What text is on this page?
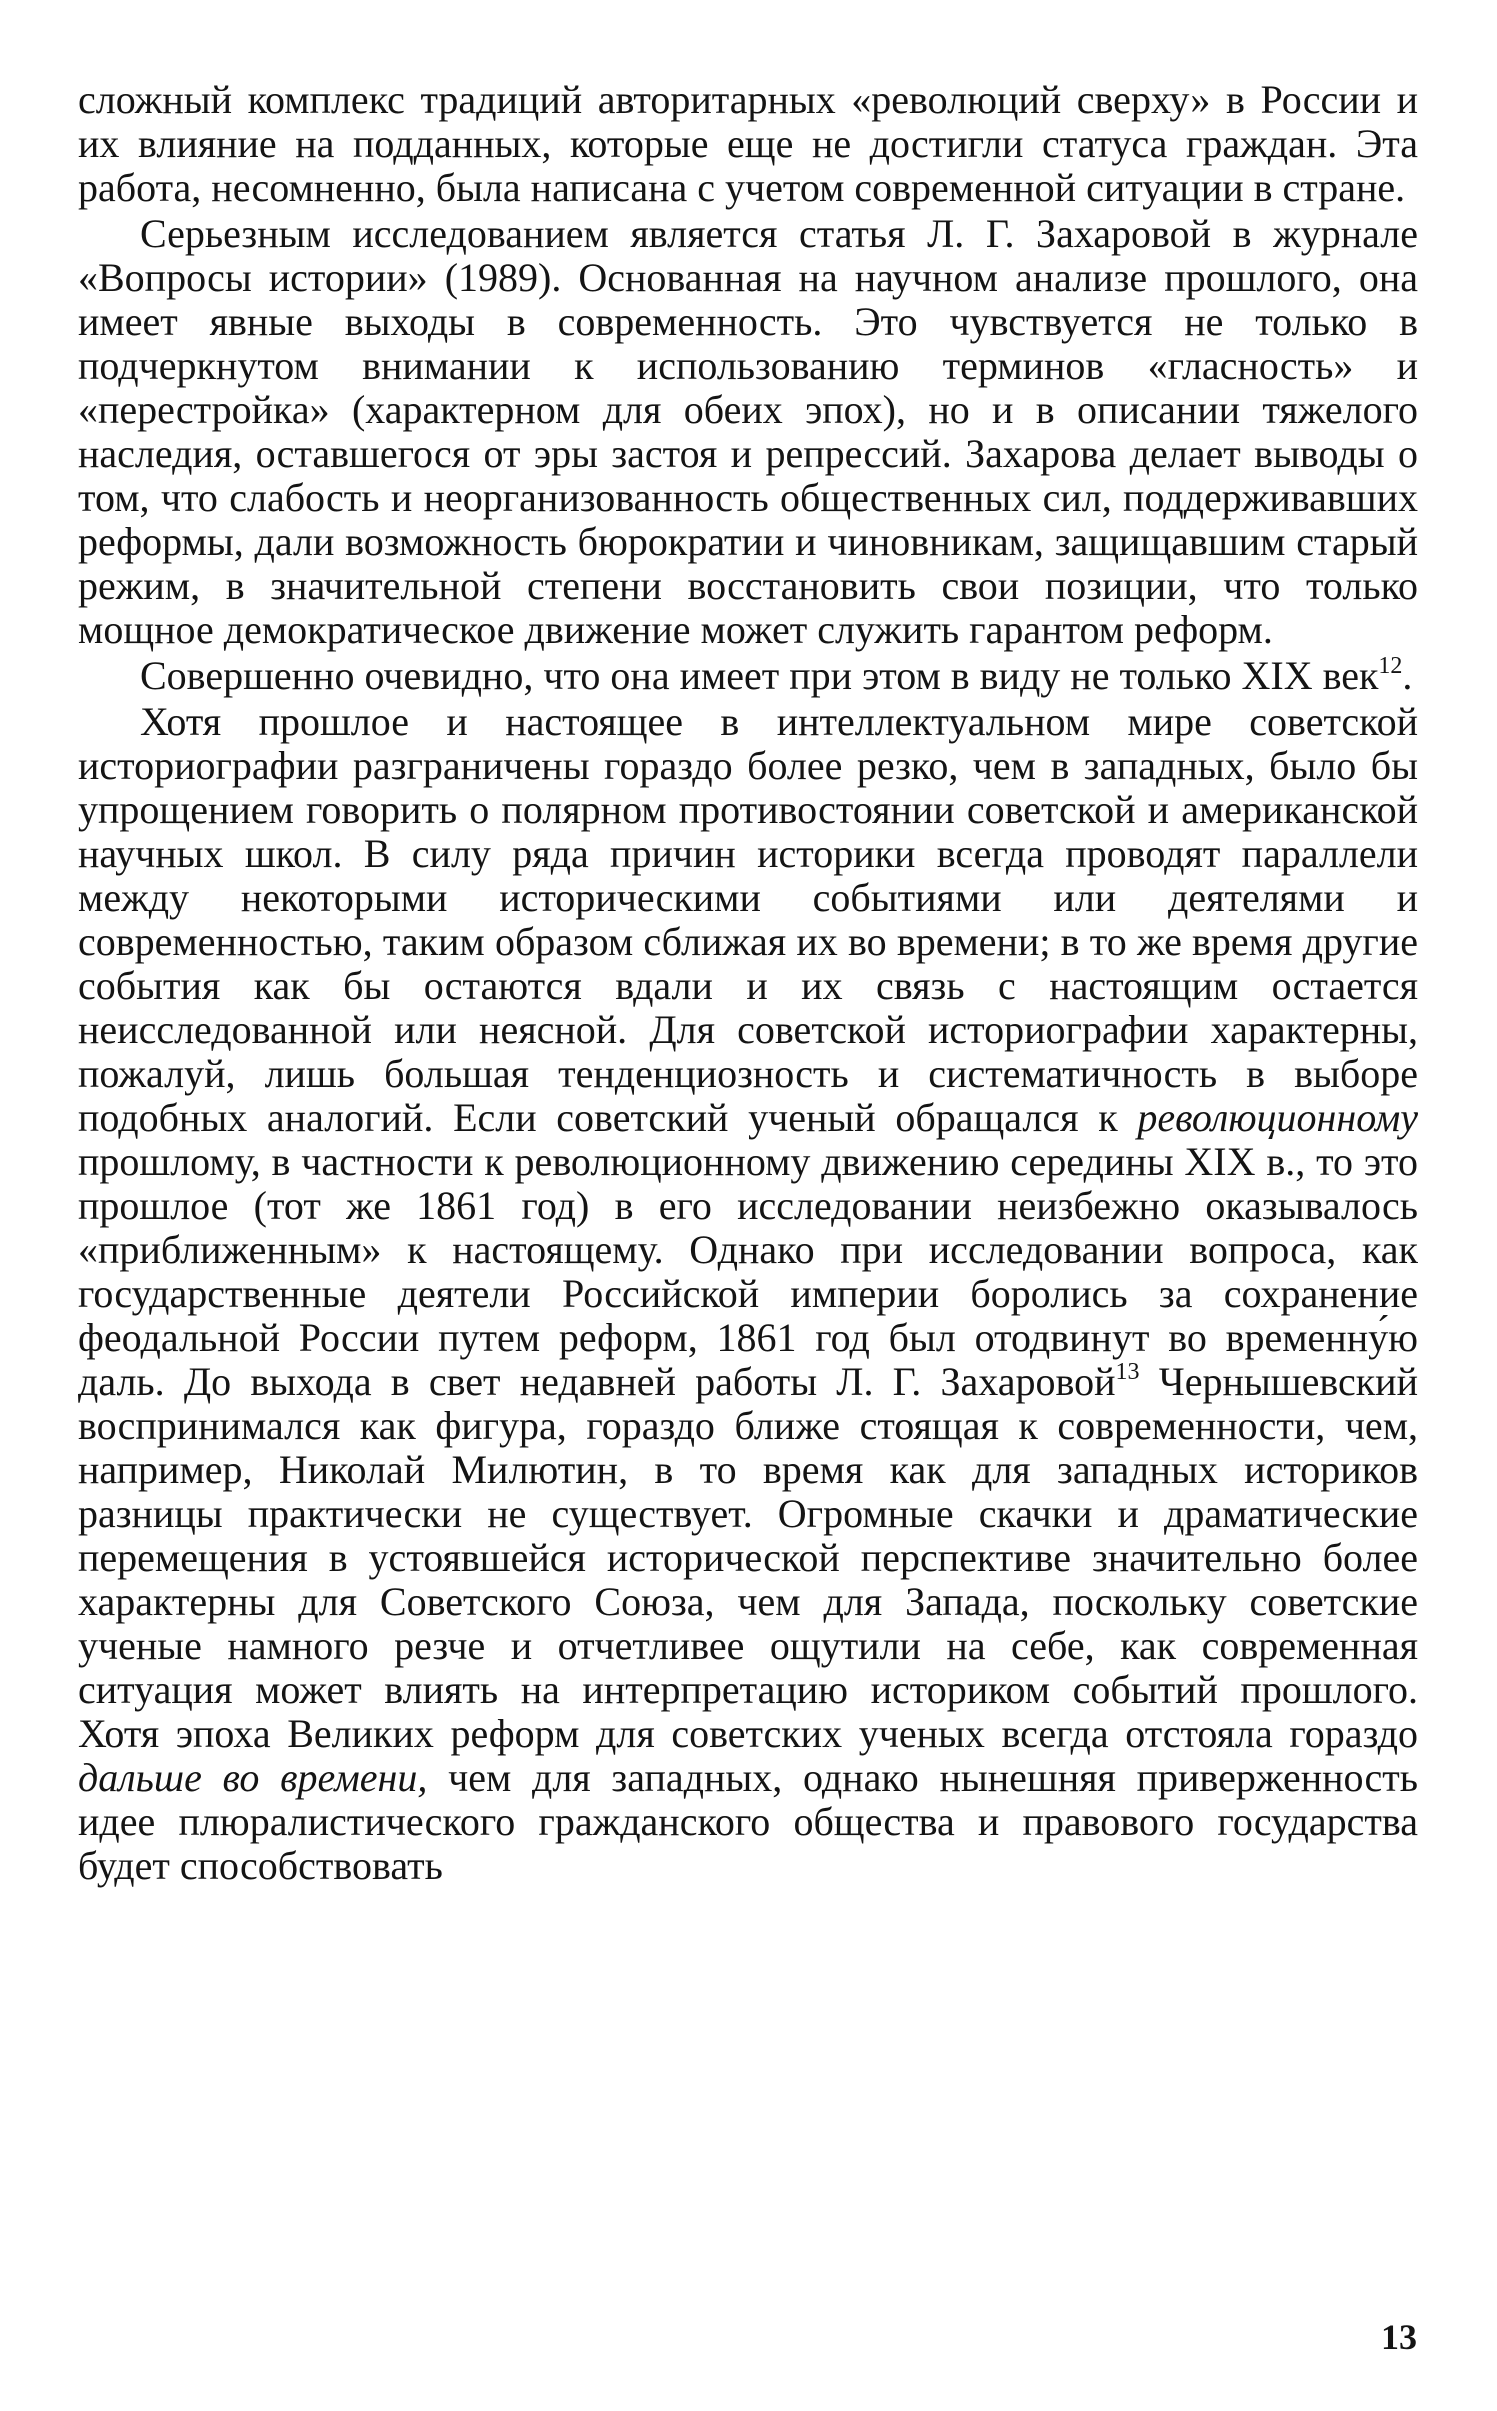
сложный комплекс традиций авторитарных «революций сверху» в России и их влияние на подданных, которые еще не достигли статуса граждан. Эта работа, несомненно, была написана с учетом современной ситуации в стране.

Серьезным исследованием является статья Л. Г. Захаровой в журнале «Вопросы истории» (1989). Основанная на научном анализе прошлого, она имеет явные выходы в современность. Это чувствуется не только в подчеркнутом внимании к использованию терминов «гласность» и «перестройка» (характерном для обеих эпох), но и в описании тяжелого наследия, оставшегося от эры застоя и репрессий. Захарова делает выводы о том, что слабость и неорганизованность общественных сил, поддерживавших реформы, дали возможность бюрократии и чиновникам, защищавшим старый режим, в значительной степени восстановить свои позиции, что только мощное демократическое движение может служить гарантом реформ.

Совершенно очевидно, что она имеет при этом в виду не только XIX век$^{12}$.

Хотя прошлое и настоящее в интеллектуальном мире советской историографии разграничены гораздо более резко, чем в западных, было бы упрощением говорить о полярном противостоянии советской и американской научных школ. В силу ряда причин историки всегда проводят параллели между некоторыми историческими событиями или деятелями и современностью, таким образом сближая их во времени; в то же время другие события как бы остаются вдали и их связь с настоящим остается неисследованной или неясной. Для советской историографии характерны, пожалуй, лишь большая тенденциозность и систематичность в выборе подобных аналогий. Если советский ученый обращался к революционному прошлому, в частности к революционному движению середины XIX в., то это прошлое (тот же 1861 год) в его исследовании неизбежно оказывалось «приближенным» к настоящему. Однако при исследовании вопроса, как государственные деятели Российской империи боролись за сохранение феодальной России путем реформ, 1861 год был отодвинут во временну́ю даль. До выхода в свет недавней работы Л. Г. Захаровой$^{13}$ Чернышевский воспринимался как фигура, гораздо ближе стоящая к современности, чем, например, Николай Милютин, в то время как для западных историков разницы практически не существует. Огромные скачки и драматические перемещения в устоявшейся исторической перспективе значительно более характерны для Советского Союза, чем для Запада, поскольку советские ученые намного резче и отчетливее ощутили на себе, как современная ситуация может влиять на интерпретацию историком событий прошлого. Хотя эпоха Великих реформ для советских ученых всегда отстояла гораздо дальше во времени, чем для западных, однако нынешняя приверженность идее плюралистического гражданского общества и правового государства будет способствовать

13
